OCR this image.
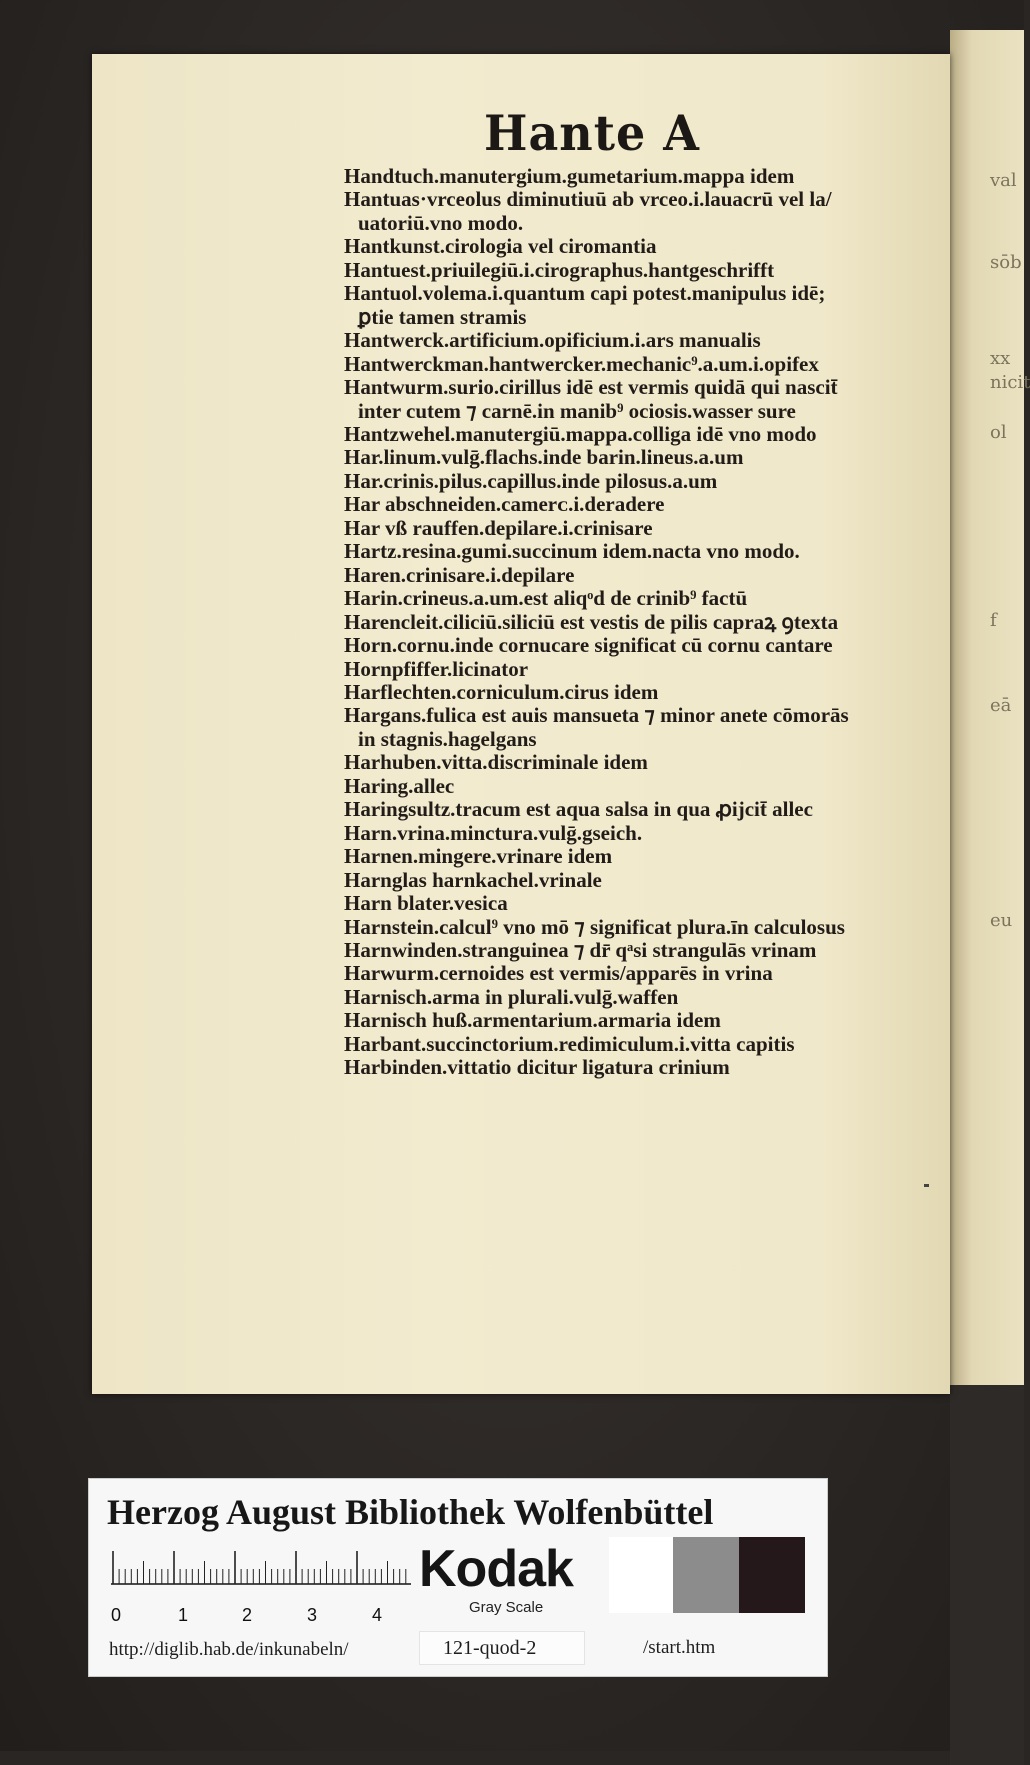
val
sōb
xx
nicit
ol
f
eā
eu
Hante A
Handtuch.manutergium.gumetarium.mappa idem
Hantuas·vrceolus diminutiuū ab vrceo.i.lauacrū vel la/
uatoriū.vno modo.
Hantkunst.cirologia vel ciromantia
Hantuest.priuilegiū.i.cirographus.hantgeschrifft
Hantuol.volema.i.quantum capi potest.manipulus idē;
ꝑtie tamen stramis
Hantwerck.artificium.opificium.i.ars manualis
Hantwerckman.hantwercker.mechanic⁹.a.um.i.opifex
Hantwurm.surio.cirillus idē est vermis quidā qui nascit̄
inter cutem ⁊ carnē.in manib⁹ ociosis.wasser sure
Hantzwehel.manutergiū.mappa.colliga idē vno modo
Har.linum.vulḡ.flachs.inde barin.lineus.a.um
Har.crinis.pilus.capillus.inde pilosus.a.um
Har abschneiden.camerᴄ.i.deradere
Har vß rauffen.depilare.i.crinisare
Hartz.resina.gumi.succinum idem.nacta vno modo.
Haren.crinisare.i.depilare
Harin.crineus.a.um.est aliqͦd de crinib⁹ factū
Harencleit.ciliciū.siliciū est vestis de pilis capraꝝ ꝯtexta
Horn.cornu.inde cornucare significat cū cornu cantare
Hornpfiffer.licinator
Harflechten.corniculum.cirus idem
Hargans.fulica est auis mansueta ⁊ minor anete cōmorās
in stagnis.hagelgans
Harhuben.vitta.discriminale idem
Haring.allec
Haringsultz.tracum est aqua salsa in qua ꝓijcit̄ allec
Harn.vrina.minctura.vulḡ.gseich.
Harnen.mingere.vrinare idem
Harnglas harnkachel.vrinale
Harn blater.vesica
Harnstein.calcul⁹ vno mō ⁊ significat plura.īn calculosus
Harnwinden.stranguinea ⁊ dr̄ qͣsi strangulās vrinam
Harwurm.cernoides est vermis/apparēs in vrina
Harnisch.arma in plurali.vulḡ.waffen
Harnisch huß.armentarium.armaria idem
Harbant.succinctorium.redimiculum.i.vitta capitis
Harbinden.vittatio dicitur ligatura crinium
Herzog August Bibliothek Wolfenbüttel
0	1	2	3	4
Kodak
Gray Scale
http://diglib.hab.de/inkunabeln/	121-quod-2	/start.htm
